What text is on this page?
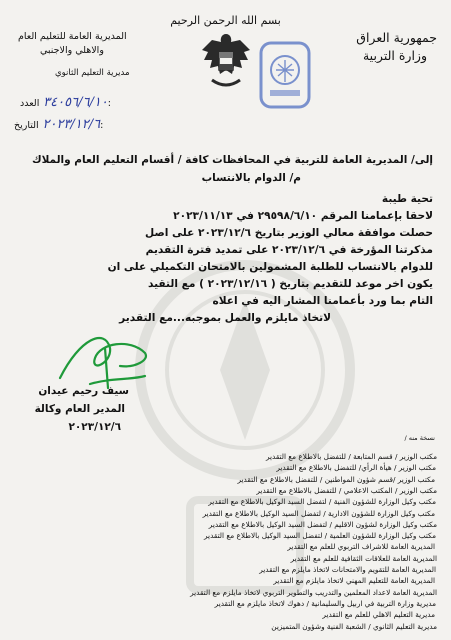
بسم الله الرحمن الرحيم
جمهورية العراق
وزارة التربية
المديرية العامة للتعليم العام
والاهلي والاجنبي
مديرية التعليم الثانوي
٣٤٠٥٦/٦/١٠ العدد:
٢٠٢٣/١٢/٦ التاريخ:
إلى/ المديرية العامة للتربية في المحافظات كافة / أقسام التعليم العام والملاك
م/ الدوام بالانتساب
تحية طيبة
لاحقا بإعمامنا المرقم ٢٩٥٩٨/٦/١٠ في ٢٠٢٣/١١/١٣
حصلت موافقة معالي الوزير بتاريخ ٢٠٢٣/١٢/٦ على اصل
مذكرتنا المؤرخة في ٢٠٢٣/١٢/٦ على تمديد فترة التقديم
للدوام بالانتساب للطلبة المشمولين بالامتحان التكميلي على ان
يكون اخر موعد للتقديم بتاريخ ( ٢٠٢٣/١٢/١٦ ) مع التقيد
التام بما ورد بأعمامنا المشار اليه في اعلاه
لاتخاذ مايلزم والعمل بموجبه...مع التقدير
سيف رحيم عيدان
المدير العام وكالة
٢٠٢٣/١٢/٦
نسخة منه /
مكتب الوزير / قسم المتابعة / للتفضل بالاطلاع مع التقدير
مكتب الوزير / هيأة الرأي/ للتفضل بالاطلاع مع التقدير
مكتب الوزير /قسم شؤون المواطنين / للتفضل بالاطلاع مع التقدير
مكتب الوزير / المكتب الاعلامي / للتفضل بالاطلاع مع التقدير
مكتب وكيل الوزارة للشؤون الفنية / لتفضل السيد الوكيل بالاطلاع مع التقدير
مكتب وكيل الوزارة للشؤون الادارية / لتفضل السيد الوكيل بالاطلاع مع التقدير
مكتب وكيل الوزارة لشؤون الاقليم / لتفضل السيد الوكيل بالاطلاع مع التقدير
مكتب وكيل الوزارة للشؤون العلمية / لتفضل السيد الوكيل بالاطلاع مع التقدير
المديرية العامة للاشراف التربوي للعلم مع التقدير
المديرية العامة للعلاقات الثقافية للعلم مع التقدير
المديرية العامة للتقويم والامتحانات لاتخاذ مايلزم مع التقدير
المديرية العامة للتعليم المهني لاتخاذ مايلزم مع التقدير
المديرية العامة لاعداد المعلمين والتدريب والتطوير التربوي لاتخاذ مايلزم مع التقدير
مديرية وزارة التربية في اربيل والسليمانية / دهوك لاتخاذ مايلزم مع التقدير
مديرية التعليم الاهلي للعلم مع التقدير
مديرية التعليم الثانوي / الشعبة الفنية وشؤون المتميزين
